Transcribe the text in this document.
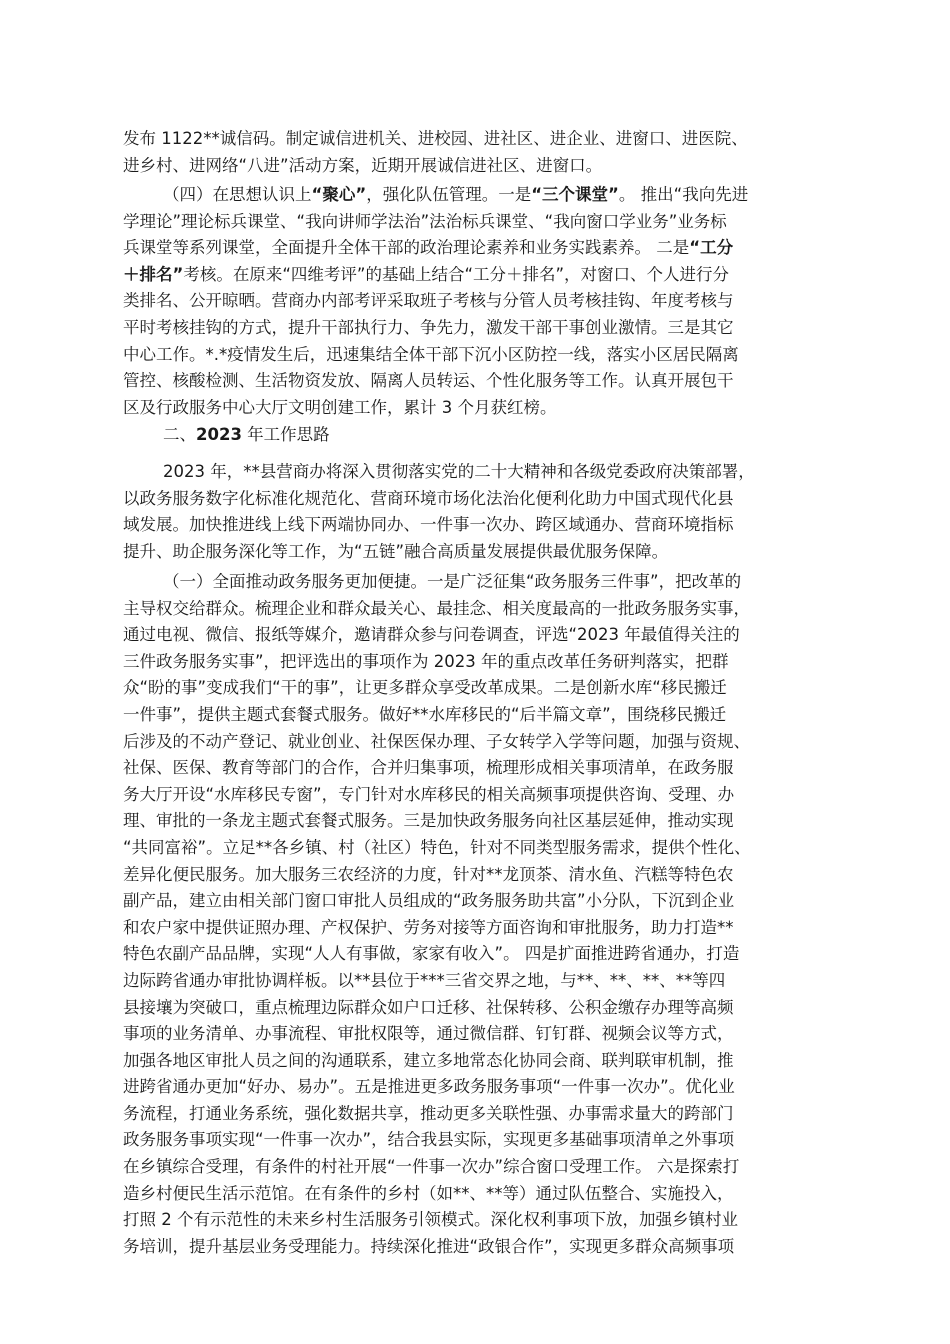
发布 1122**诚信码。制定诚信进机关、进校园、进社区、进企业、进窗口、进医院、
进乡村、进网络“八进”活动方案，近期开展诚信进社区、进窗口。
（四）在思想认识上“聚心”，强化队伍管理。一是“三个课堂”。 推出“我向先进
学理论”理论标兵课堂、“我向讲师学法治”法治标兵课堂、“我向窗口学业务”业务标
兵课堂等系列课堂，全面提升全体干部的政治理论素养和业务实践素养。 二是“工分
＋排名”考核。在原来“四维考评”的基础上结合“工分＋排名”，对窗口、个人进行分
类排名、公开晾晒。营商办内部考评采取班子考核与分管人员考核挂钩、年度考核与
平时考核挂钩的方式，提升干部执行力、争先力，激发干部干事创业激情。三是其它
中心工作。*.*疫情发生后，迅速集结全体干部下沉小区防控一线，落实小区居民隔离
管控、核酸检测、生活物资发放、隔离人员转运、个性化服务等工作。认真开展包干
区及行政服务中心大厅文明创建工作，累计 3 个月获红榜。
二、2023 年工作思路
2023 年，**县营商办将深入贯彻落实党的二十大精神和各级党委政府决策部署，
以政务服务数字化标准化规范化、营商环境市场化法治化便利化助力中国式现代化县
域发展。加快推进线上线下两端协同办、一件事一次办、跨区域通办、营商环境指标
提升、助企服务深化等工作，为“五链”融合高质量发展提供最优服务保障。
（一）全面推动政务服务更加便捷。一是广泛征集“政务服务三件事”，把改革的
主导权交给群众。梳理企业和群众最关心、最挂念、相关度最高的一批政务服务实事，
通过电视、微信、报纸等媒介，邀请群众参与问卷调查，评选“2023 年最值得关注的
三件政务服务实事”，把评选出的事项作为 2023 年的重点改革任务研判落实，把群
众“盼的事”变成我们“干的事”，让更多群众享受改革成果。二是创新水库“移民搬迁
一件事”，提供主题式套餐式服务。做好**水库移民的“后半篇文章”，围绕移民搬迁
后涉及的不动产登记、就业创业、社保医保办理、子女转学入学等问题，加强与资规、
社保、医保、教育等部门的合作，合并归集事项，梳理形成相关事项清单，在政务服
务大厅开设“水库移民专窗”，专门针对水库移民的相关高频事项提供咨询、受理、办
理、审批的一条龙主题式套餐式服务。三是加快政务服务向社区基层延伸，推动实现
“共同富裕”。立足**各乡镇、村（社区）特色，针对不同类型服务需求，提供个性化、
差异化便民服务。加大服务三农经济的力度，针对**龙顶茶、清水鱼、汽糕等特色农
副产品，建立由相关部门窗口审批人员组成的“政务服务助共富”小分队，下沉到企业
和农户家中提供证照办理、产权保护、劳务对接等方面咨询和审批服务，助力打造**
特色农副产品品牌，实现“人人有事做，家家有收入”。 四是扩面推进跨省通办，打造
边际跨省通办审批协调样板。以**县位于***三省交界之地，与**、**、**、**等四
县接壤为突破口，重点梳理边际群众如户口迁移、社保转移、公积金缴存办理等高频
事项的业务清单、办事流程、审批权限等，通过微信群、钉钉群、视频会议等方式，
加强各地区审批人员之间的沟通联系，建立多地常态化协同会商、联判联审机制，推
进跨省通办更加“好办、易办”。五是推进更多政务服务事项“一件事一次办”。优化业
务流程，打通业务系统，强化数据共享，推动更多关联性强、办事需求量大的跨部门
政务服务事项实现“一件事一次办”，结合我县实际，实现更多基础事项清单之外事项
在乡镇综合受理，有条件的村社开展“一件事一次办”综合窗口受理工作。 六是探索打
造乡村便民生活示范馆。在有条件的乡村（如**、**等）通过队伍整合、实施投入，
打照 2 个有示范性的未来乡村生活服务引领模式。深化权利事项下放，加强乡镇村业
务培训，提升基层业务受理能力。持续深化推进“政银合作”，实现更多群众高频事项
